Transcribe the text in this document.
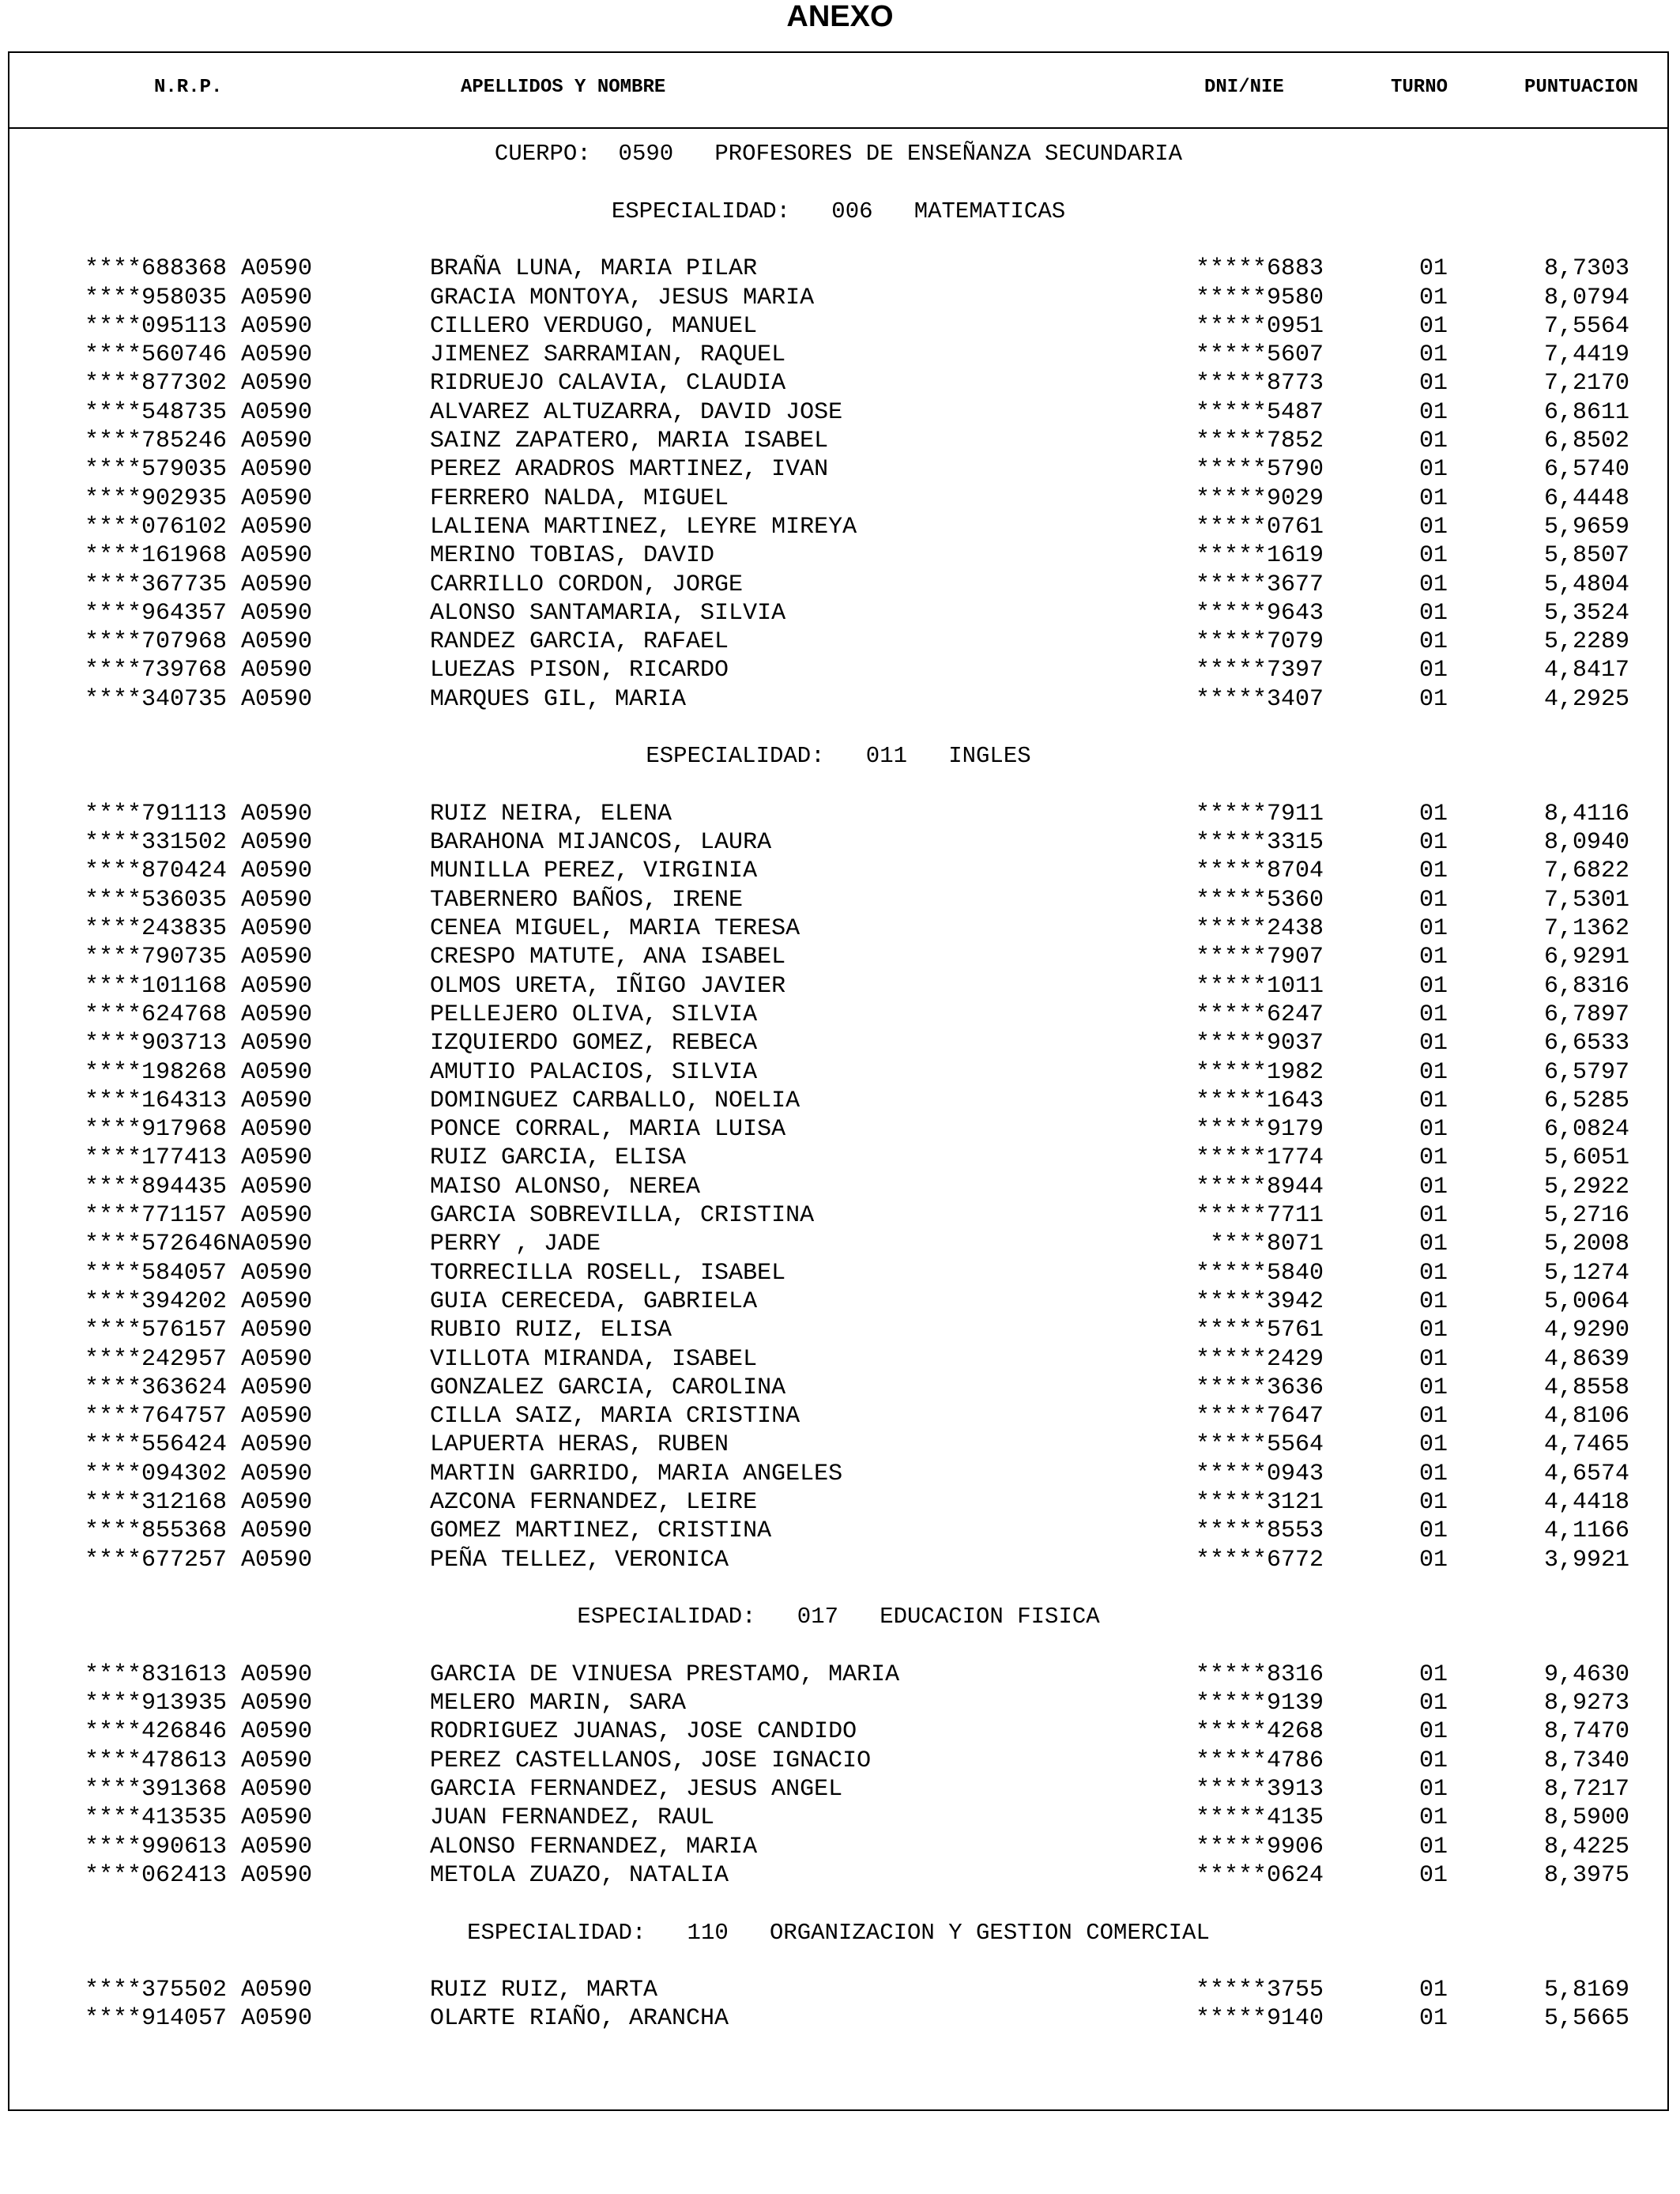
ANEXO
N.R.P.	APELLIDOS Y NOMBRE	DNI/NIE	TURNO	PUNTUACION
CUERPO:  0590   PROFESORES DE ENSEÑANZA SECUNDARIA
ESPECIALIDAD:   006   MATEMATICAS
****688368 A0590	BRAÑA LUNA, MARIA PILAR	*****6883	01	8,7303
****958035 A0590	GRACIA MONTOYA, JESUS MARIA	*****9580	01	8,0794
****095113 A0590	CILLERO VERDUGO, MANUEL	*****0951	01	7,5564
****560746 A0590	JIMENEZ SARRAMIAN, RAQUEL	*****5607	01	7,4419
****877302 A0590	RIDRUEJO CALAVIA, CLAUDIA	*****8773	01	7,2170
****548735 A0590	ALVAREZ ALTUZARRA, DAVID JOSE	*****5487	01	6,8611
****785246 A0590	SAINZ ZAPATERO, MARIA ISABEL	*****7852	01	6,8502
****579035 A0590	PEREZ ARADROS MARTINEZ, IVAN	*****5790	01	6,5740
****902935 A0590	FERRERO NALDA, MIGUEL	*****9029	01	6,4448
****076102 A0590	LALIENA MARTINEZ, LEYRE MIREYA	*****0761	01	5,9659
****161968 A0590	MERINO TOBIAS, DAVID	*****1619	01	5,8507
****367735 A0590	CARRILLO CORDON, JORGE	*****3677	01	5,4804
****964357 A0590	ALONSO SANTAMARIA, SILVIA	*****9643	01	5,3524
****707968 A0590	RANDEZ GARCIA, RAFAEL	*****7079	01	5,2289
****739768 A0590	LUEZAS PISON, RICARDO	*****7397	01	4,8417
****340735 A0590	MARQUES GIL, MARIA	*****3407	01	4,2925
ESPECIALIDAD:   011   INGLES
****791113 A0590	RUIZ NEIRA, ELENA	*****7911	01	8,4116
****331502 A0590	BARAHONA MIJANCOS, LAURA	*****3315	01	8,0940
****870424 A0590	MUNILLA PEREZ, VIRGINIA	*****8704	01	7,6822
****536035 A0590	TABERNERO BAÑOS, IRENE	*****5360	01	7,5301
****243835 A0590	CENEA MIGUEL, MARIA TERESA	*****2438	01	7,1362
****790735 A0590	CRESPO MATUTE, ANA ISABEL	*****7907	01	6,9291
****101168 A0590	OLMOS URETA, IÑIGO JAVIER	*****1011	01	6,8316
****624768 A0590	PELLEJERO OLIVA, SILVIA	*****6247	01	6,7897
****903713 A0590	IZQUIERDO GOMEZ, REBECA	*****9037	01	6,6533
****198268 A0590	AMUTIO PALACIOS, SILVIA	*****1982	01	6,5797
****164313 A0590	DOMINGUEZ CARBALLO, NOELIA	*****1643	01	6,5285
****917968 A0590	PONCE CORRAL, MARIA LUISA	*****9179	01	6,0824
****177413 A0590	RUIZ GARCIA, ELISA	*****1774	01	5,6051
****894435 A0590	MAISO ALONSO, NEREA	*****8944	01	5,2922
****771157 A0590	GARCIA SOBREVILLA, CRISTINA	*****7711	01	5,2716
****572646NA0590	PERRY , JADE	****8071	01	5,2008
****584057 A0590	TORRECILLA ROSELL, ISABEL	*****5840	01	5,1274
****394202 A0590	GUIA CERECEDA, GABRIELA	*****3942	01	5,0064
****576157 A0590	RUBIO RUIZ, ELISA	*****5761	01	4,9290
****242957 A0590	VILLOTA MIRANDA, ISABEL	*****2429	01	4,8639
****363624 A0590	GONZALEZ GARCIA, CAROLINA	*****3636	01	4,8558
****764757 A0590	CILLA SAIZ, MARIA CRISTINA	*****7647	01	4,8106
****556424 A0590	LAPUERTA HERAS, RUBEN	*****5564	01	4,7465
****094302 A0590	MARTIN GARRIDO, MARIA ANGELES	*****0943	01	4,6574
****312168 A0590	AZCONA FERNANDEZ, LEIRE	*****3121	01	4,4418
****855368 A0590	GOMEZ MARTINEZ, CRISTINA	*****8553	01	4,1166
****677257 A0590	PEÑA TELLEZ, VERONICA	*****6772	01	3,9921
ESPECIALIDAD:   017   EDUCACION FISICA
****831613 A0590	GARCIA DE VINUESA PRESTAMO, MARIA	*****8316	01	9,4630
****913935 A0590	MELERO MARIN, SARA	*****9139	01	8,9273
****426846 A0590	RODRIGUEZ JUANAS, JOSE CANDIDO	*****4268	01	8,7470
****478613 A0590	PEREZ CASTELLANOS, JOSE IGNACIO	*****4786	01	8,7340
****391368 A0590	GARCIA FERNANDEZ, JESUS ANGEL	*****3913	01	8,7217
****413535 A0590	JUAN FERNANDEZ, RAUL	*****4135	01	8,5900
****990613 A0590	ALONSO FERNANDEZ, MARIA	*****9906	01	8,4225
****062413 A0590	METOLA ZUAZO, NATALIA	*****0624	01	8,3975
ESPECIALIDAD:   110   ORGANIZACION Y GESTION COMERCIAL
****375502 A0590	RUIZ RUIZ, MARTA	*****3755	01	5,8169
****914057 A0590	OLARTE RIAÑO, ARANCHA	*****9140	01	5,5665
